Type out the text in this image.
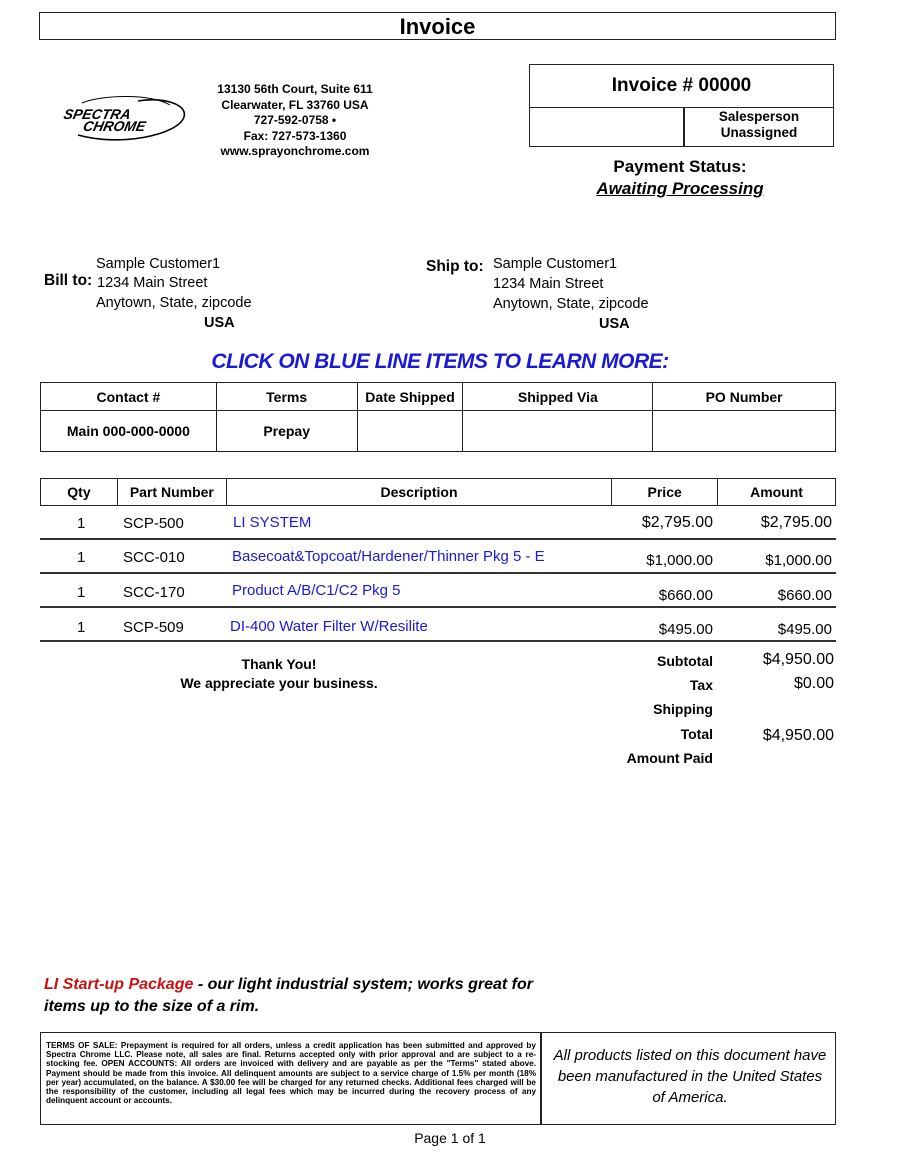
Invoice
SPECTRA
CHROME
13130 56th Court, Suite 611
Clearwater, FL 33760 USA
727-592-0758 •
Fax: 727-573-1360
www.sprayonchrome.com
Invoice # 00000
Salesperson
Unassigned
Payment Status:
Awaiting Processing
Bill to:
Sample Customer1
1234 Main Street
Anytown, State, zipcode
USA
Ship to: Sample Customer1
1234 Main Street
Anytown, State, zipcode
USA
CLICK ON BLUE LINE ITEMS TO LEARN MORE:
Contact #	Terms	Date Shipped	Shipped Via	PO Number
Main 000-000-0000	Prepay			
Qty	Part Number	Description	Price	Amount
1	SCP-500	LI SYSTEM	$2,795.00	$2,795.00
1	SCC-010	Basecoat&Topcoat/Hardener/Thinner Pkg 5 - E	$1,000.00	$1,000.00
1	SCC-170	Product A/B/C1/C2 Pkg 5	$660.00	$660.00
1	SCP-509	DI-400 Water Filter W/Resilite	$495.00	$495.00
Thank You!
We appreciate your business.
Subtotal	$4,950.00
Tax	$0.00
Shipping
Total	$4,950.00
Amount Paid
LI Start-up Package - our light industrial system; works great for items up to the size of a rim.
TERMS OF SALE: Prepayment is required for all orders, unless a credit application has been submitted and approved by Spectra Chrome LLC. Please note, all sales are final. Returns accepted only with prior approval and are subject to a re-stocking fee. OPEN ACCOUNTS: All orders are invoiced with delivery and are payable as per the "Terms" stated above. Payment should be made from this invoice. All delinquent amounts are subject to a service charge of 1.5% per month (18% per year) accumulated, on the balance. A $30.00 fee will be charged for any returned checks. Additional fees charged will be the responsibility of the customer, including all legal fees which may be incurred during the recovery process of any delinquent account or accounts.
All products listed on this document have been manufactured in the United States of America.
Page 1 of 1
